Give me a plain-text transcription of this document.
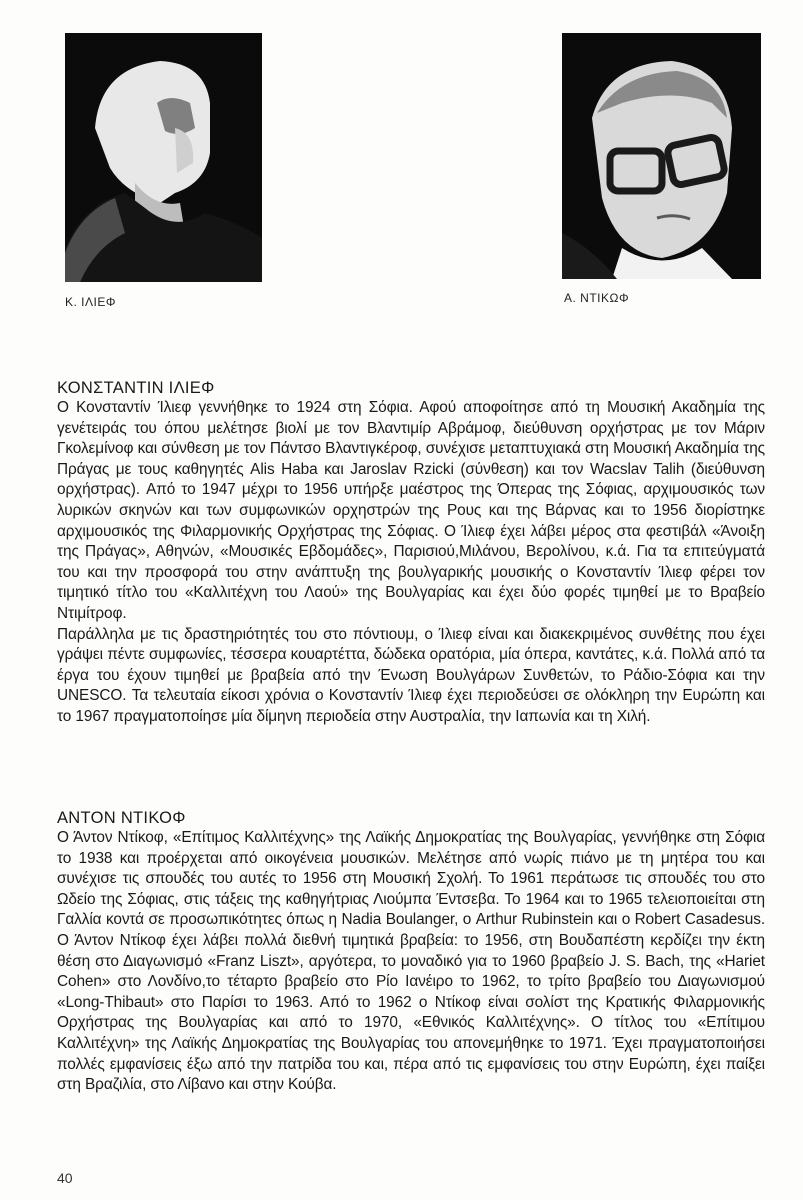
Κ. ΙΛΙΕΦ	Α. ΝΤΙΚΩΦ
ΚΟΝΣΤΑΝΤΙΝ ΙΛΙΕΦ

Ο Κονσταντίν Ίλιεφ γεννήθηκε το 1924 στη Σόφια. Αφού αποφοίτησε από τη Μουσική Ακαδημία της γενέτειράς του όπου μελέτησε βιολί με τον Βλαντιμίρ Αβράμοφ, διεύθυνση ορχήστρας με τον Μάριν Γκολεμίνοφ και σύνθεση με τον Πάντσο Βλαντιγκέροφ, συνέχισε μεταπτυχιακά στη Μουσική Ακαδημία της Πράγας με τους καθηγητές Alis Haba και Jaroslav Rzicki (σύνθεση) και τον Wacslav Talih (διεύθυνση ορχήστρας). Από το 1947 μέχρι το 1956 υπήρξε μαέστρος της Όπερας της Σόφιας, αρχιμουσικός των λυρικών σκηνών και των συμφωνικών ορχηστρών της Ρους και της Βάρνας και το 1956 διορίστηκε αρχιμουσικός της Φιλαρμονικής Ορχήστρας της Σόφιας. Ο Ίλιεφ έχει λάβει μέρος στα φεστιβάλ «Άνοιξη της Πράγας», Αθηνών, «Μουσικές Εβδομάδες», Παρισιού,Μιλάνου, Βερολίνου, κ.ά. Για τα επιτεύγματά του και την προσφορά του στην ανάπτυξη της βουλγαρικής μουσικής ο Κονσταντίν Ίλιεφ φέρει τον τιμητικό τίτλο του «Καλλιτέχνη του Λαού» της Βουλγαρίας και έχει δύο φορές τιμηθεί με το Βραβείο Ντιμίτροφ.

Παράλληλα με τις δραστηριότητές του στο πόντιουμ, ο Ίλιεφ είναι και διακεκριμένος συνθέτης που έχει γράψει πέντε συμφωνίες, τέσσερα κουαρτέττα, δώδεκα ορατόρια, μία όπερα, καντάτες, κ.ά. Πολλά από τα έργα του έχουν τιμηθεί με βραβεία από την Ένωση Βουλγάρων Συνθετών, το Ράδιο-Σόφια και την UNESCO. Τα τελευταία είκοσι χρόνια ο Κονσταντίν Ίλιεφ έχει περιοδεύσει σε ολόκληρη την Ευρώπη και το 1967 πραγματοποίησε μία δίμηνη περιοδεία στην Αυστραλία, την Ιαπωνία και τη Χιλή.

ΑΝΤΟΝ ΝΤΙΚΟΦ

Ο Άντον Ντίκοφ, «Επίτιμος Καλλιτέχνης» της Λαϊκής Δημοκρατίας της Βουλγαρίας, γεννήθηκε στη Σόφια το 1938 και προέρχεται από οικογένεια μουσικών. Μελέτησε από νωρίς πιάνο με τη μητέρα του και συνέχισε τις σπουδές του αυτές το 1956 στη Μουσική Σχολή. Το 1961 περάτωσε τις σπουδές του στο Ωδείο της Σόφιας, στις τάξεις της καθηγήτριας Λιούμπα Έντσεβα. Το 1964 και το 1965 τελειοποιείται στη Γαλλία κοντά σε προσωπικότητες όπως η Nadia Boulanger, ο Arthur Rubinstein και ο Robert Casadesus. Ο Άντον Ντίκοφ έχει λάβει πολλά διεθνή τιμητικά βραβεία: το 1956, στη Βουδαπέστη κερδίζει την έκτη θέση στο Διαγωνισμό «Franz Liszt», αργότερα, το μοναδικό για το 1960 βραβείο J. S. Bach, της «Hariet Cohen» στο Λονδίνο,το τέταρτο βραβείο στο Ρίο Ιανέιρο το 1962, το τρίτο βραβείο του Διαγωνισμού «Long-Thibaut» στο Παρίσι το 1963. Από το 1962 ο Ντίκοφ είναι σολίστ της Κρατικής Φιλαρμονικής Ορχήστρας της Βουλγαρίας και από το 1970, «Εθνικός Καλλιτέχνης». Ο τίτλος του «Επίτιμου Καλλιτέχνη» της Λαϊκής Δημοκρατίας της Βουλγαρίας του απονεμήθηκε το 1971. Έχει πραγματοποιήσει πολλές εμφανίσεις έξω από την πατρίδα του και, πέρα από τις εμφανίσεις του στην Ευρώπη, έχει παίξει στη Βραζιλία, στο Λίβανο και στην Κούβα.

40
